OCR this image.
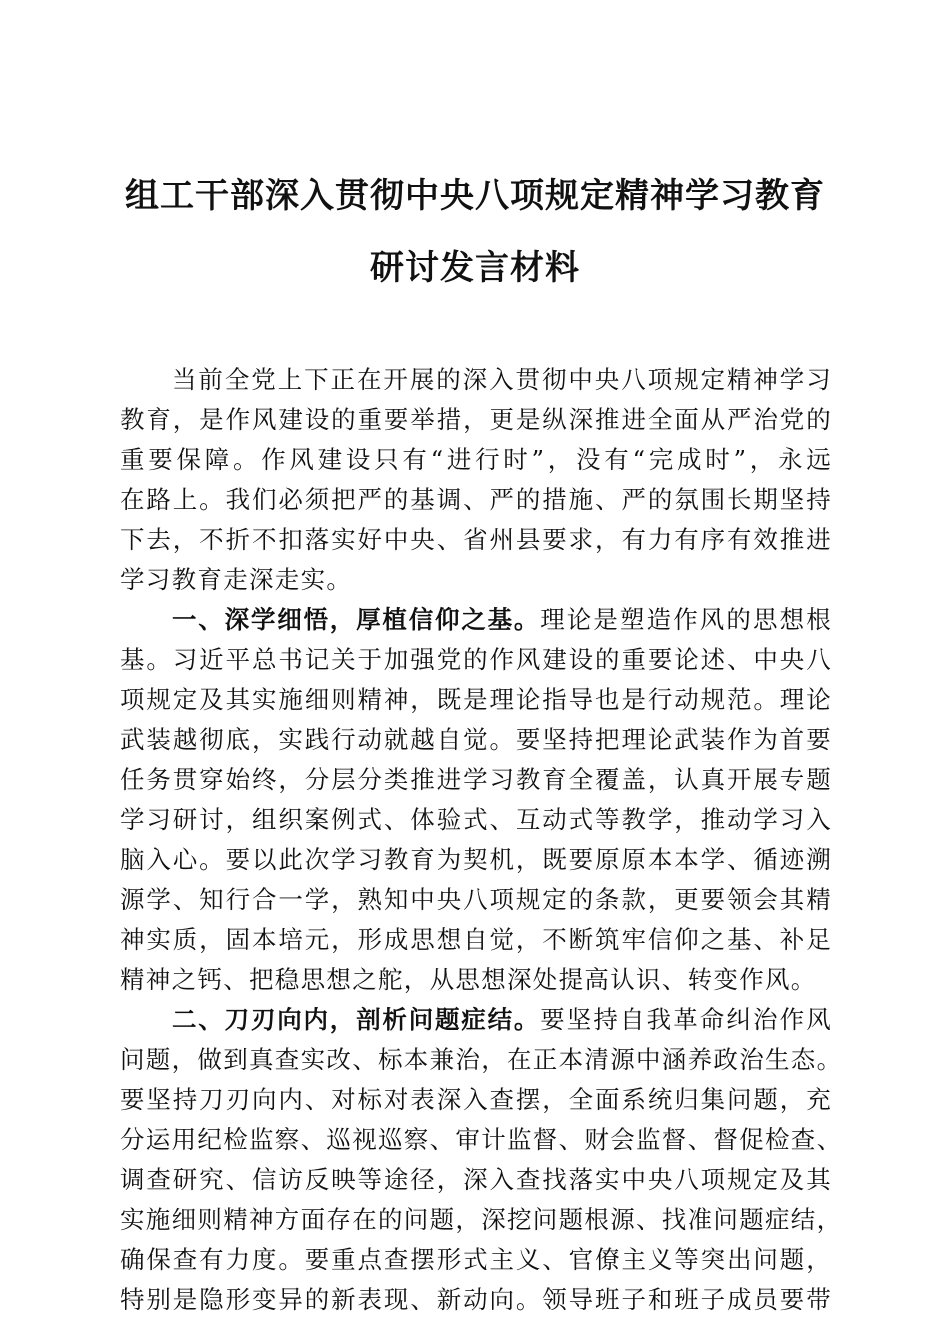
组工干部深入贯彻中央八项规定精神学习教育
研讨发言材料
当前全党上下正在开展的深入贯彻中央八项规定精神学习
教育，是作风建设的重要举措，更是纵深推进全面从严治党的
重要保障。作风建设只有“进行时”，没有“完成时”，永远
在路上。我们必须把严的基调、严的措施、严的氛围长期坚持
下去，不折不扣落实好中央、省州县要求，有力有序有效推进
学习教育走深走实。
一、深学细悟，厚植信仰之基。理论是塑造作风的思想根
基。习近平总书记关于加强党的作风建设的重要论述、中央八
项规定及其实施细则精神，既是理论指导也是行动规范。理论
武装越彻底，实践行动就越自觉。要坚持把理论武装作为首要
任务贯穿始终，分层分类推进学习教育全覆盖，认真开展专题
学习研讨，组织案例式、体验式、互动式等教学，推动学习入
脑入心。要以此次学习教育为契机，既要原原本本学、循迹溯
源学、知行合一学，熟知中央八项规定的条款，更要领会其精
神实质，固本培元，形成思想自觉，不断筑牢信仰之基、补足
精神之钙、把稳思想之舵，从思想深处提高认识、转变作风。
二、刀刃向内，剖析问题症结。要坚持自我革命纠治作风
问题，做到真查实改、标本兼治，在正本清源中涵养政治生态。
要坚持刀刃向内、对标对表深入查摆，全面系统归集问题，充
分运用纪检监察、巡视巡察、审计监督、财会监督、督促检查、
调查研究、信访反映等途径，深入查找落实中央八项规定及其
实施细则精神方面存在的问题，深挖问题根源、找准问题症结，
确保查有力度。要重点查摆形式主义、官僚主义等突出问题，
特别是隐形变异的新表现、新动向。领导班子和班子成员要带
